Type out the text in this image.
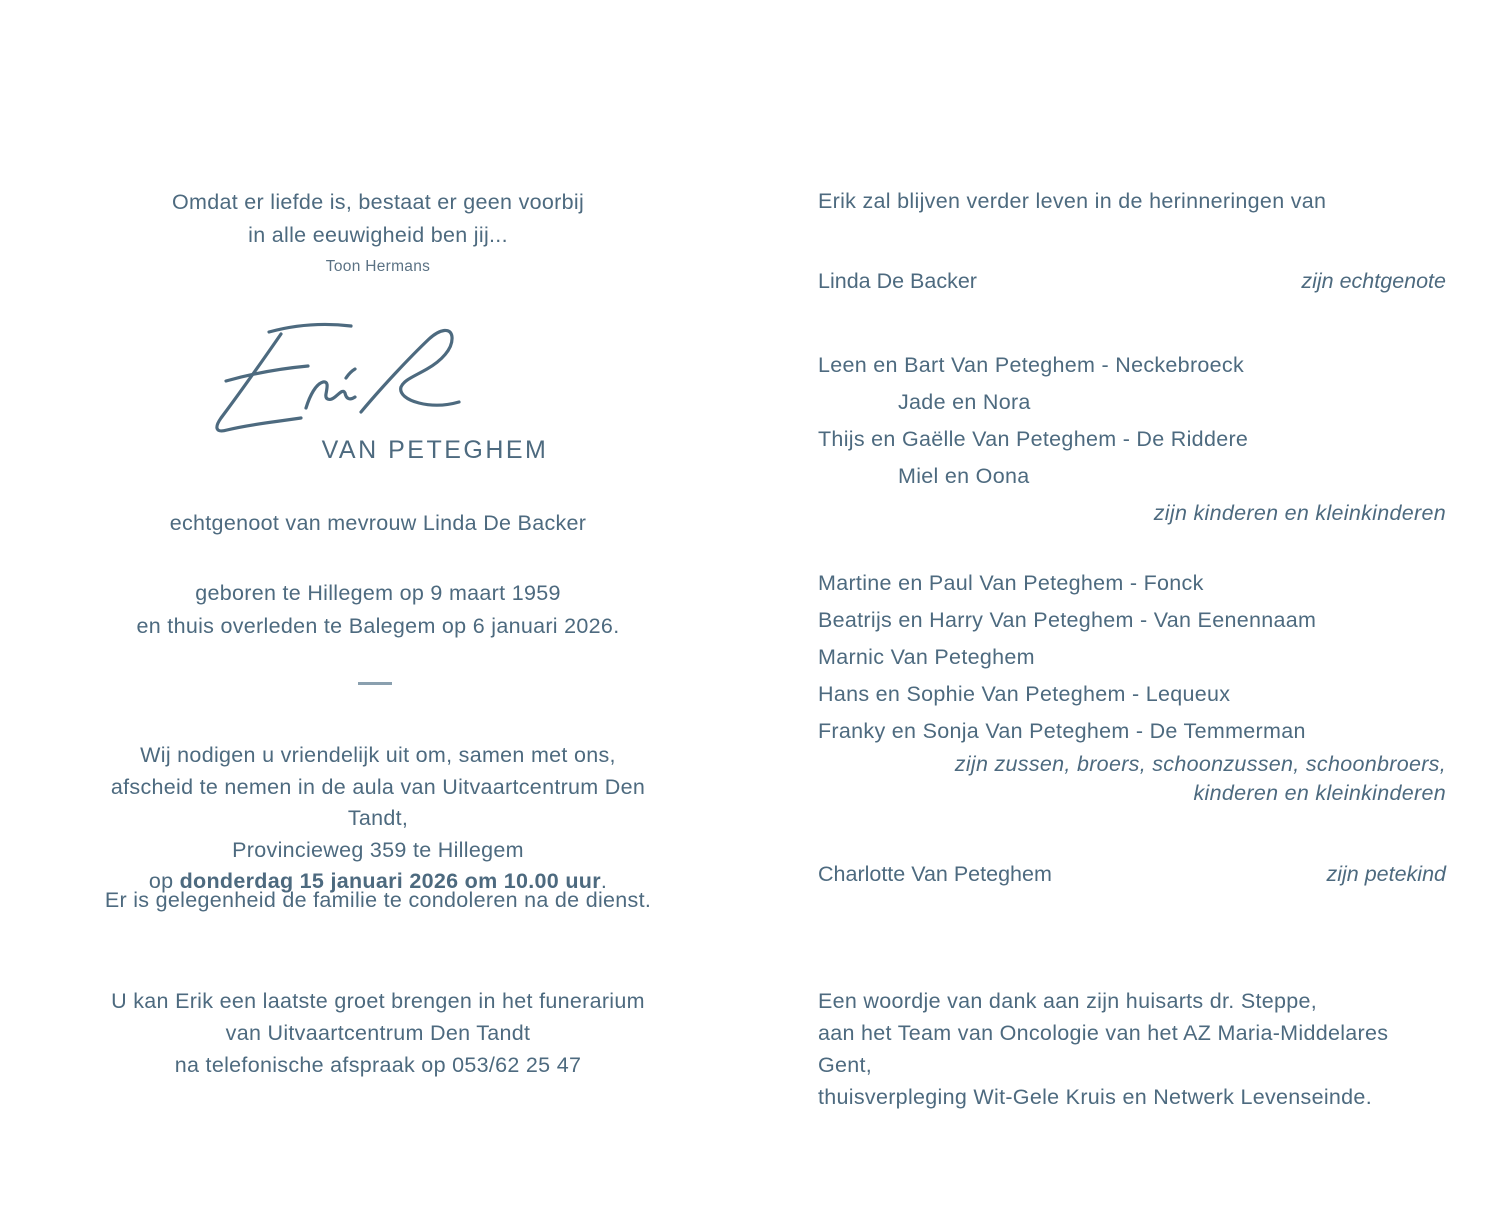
Omdat er liefde is, bestaat er geen voorbij
in alle eeuwigheid ben jij...
Toon Hermans
VAN PETEGHEM
echtgenoot van mevrouw Linda De Backer
geboren te Hillegem op 9 maart 1959
en thuis overleden te Balegem op 6 januari 2026.
Wij nodigen u vriendelijk uit om, samen met ons,
afscheid te nemen in de aula van Uitvaartcentrum Den Tandt,
Provincieweg 359 te Hillegem
op donderdag 15 januari 2026 om 10.00 uur.
Er is gelegenheid de familie te condoleren na de dienst.
U kan Erik een laatste groet brengen in het funerarium
van Uitvaartcentrum Den Tandt
na telefonische afspraak op 053/62 25 47
Erik zal blijven verder leven in de herinneringen van
Linda De Backer	zijn echtgenote
Leen en Bart Van Peteghem - Neckebroeck
Jade en Nora
Thijs en Gaëlle Van Peteghem - De Riddere
Miel en Oona
zijn kinderen en kleinkinderen
Martine en Paul Van Peteghem - Fonck
Beatrijs en Harry Van Peteghem - Van Eenennaam
Marnic Van Peteghem
Hans en Sophie Van Peteghem - Lequeux
Franky en Sonja Van Peteghem - De Temmerman
zijn zussen, broers, schoonzussen, schoonbroers,
kinderen en kleinkinderen
Charlotte Van Peteghem	zijn petekind
Een woordje van dank aan zijn huisarts dr. Steppe,
aan het Team van Oncologie van het AZ Maria-Middelares Gent,
thuisverpleging Wit-Gele Kruis en Netwerk Levenseinde.
